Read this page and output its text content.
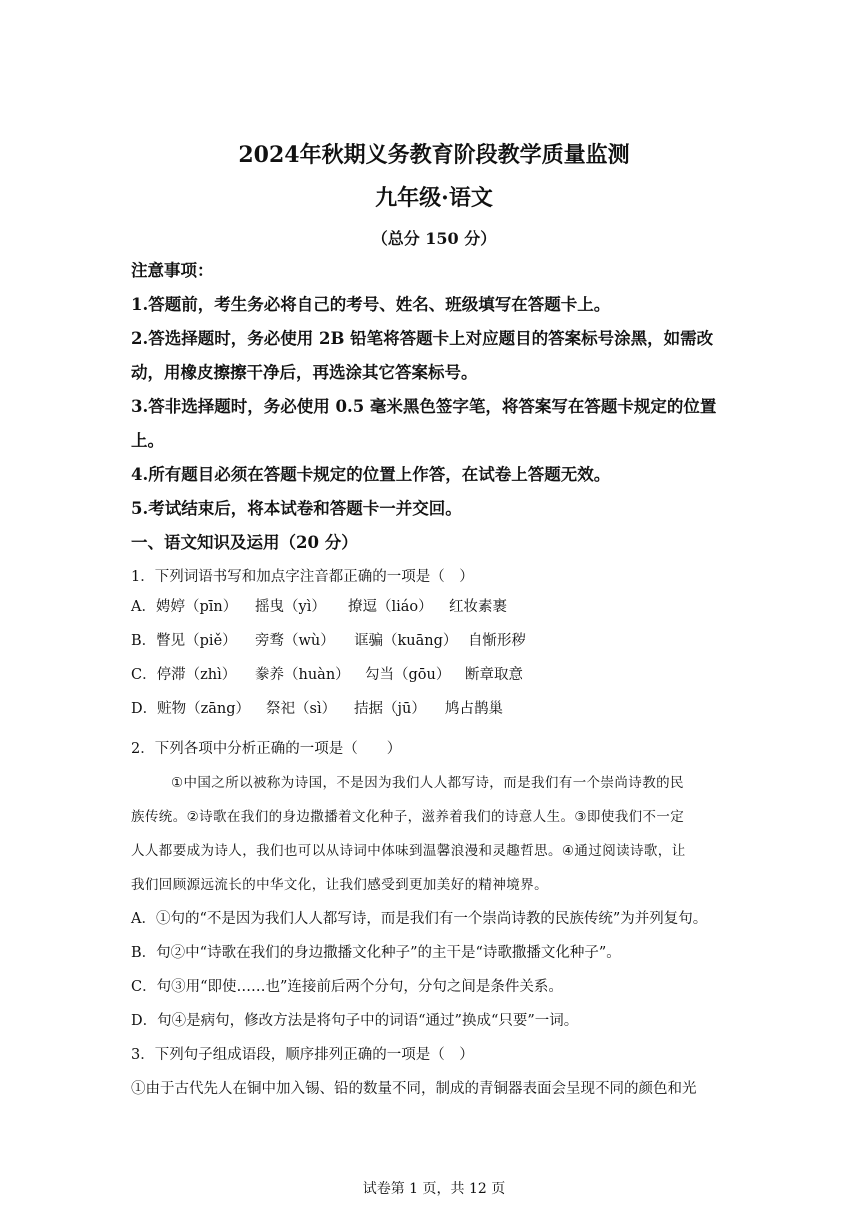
2024年秋期义务教育阶段教学质量监测
九年级·语文
（总分 150 分）
注意事项：
1.答题前，考生务必将自己的考号、姓名、班级填写在答题卡上。
2.答选择题时，务必使用 2B 铅笔将答题卡上对应题目的答案标号涂黑，如需改
动，用橡皮擦擦干净后，再选涂其它答案标号。
3.答非选择题时，务必使用 0.5 毫米黑色签字笔，将答案写在答题卡规定的位置
上。
4.所有题目必须在答题卡规定的位置上作答，在试卷上答题无效。
5.考试结束后，将本试卷和答题卡一并交回。
一、语文知识及运用（20 分）
1．下列词语书写和加点字注音都正确的一项是（　）
A．娉婷（pīn） 摇曳（yì） 撩逗（liáo） 红妆素裹
B．瞥见（piě） 旁骛（wù） 诓骗（kuāng） 自惭形秽
C．停滞（zhì） 豢养（huàn） 勾当（gōu） 断章取意
D．赃物（zāng） 祭祀（sì） 拮据（jū） 鸠占鹊巢
2．下列各项中分析正确的一项是（　　）
①中国之所以被称为诗国，不是因为我们人人都写诗，而是我们有一个崇尚诗教的民
族传统。②诗歌在我们的身边撒播着文化种子，滋养着我们的诗意人生。③即使我们不一定
人人都要成为诗人，我们也可以从诗词中体味到温馨浪漫和灵趣哲思。④通过阅读诗歌，让
我们回顾源远流长的中华文化，让我们感受到更加美好的精神境界。
A．①句的“不是因为我们人人都写诗，而是我们有一个崇尚诗教的民族传统”为并列复句。
B．句②中“诗歌在我们的身边撒播文化种子”的主干是“诗歌撒播文化种子”。
C．句③用“即使……也”连接前后两个分句，分句之间是条件关系。
D．句④是病句，修改方法是将句子中的词语“通过”换成“只要”一词。
3．下列句子组成语段，顺序排列正确的一项是（　）
①由于古代先人在铜中加入锡、铅的数量不同，制成的青铜器表面会呈现不同的颜色和光
试卷第 1 页，共 12 页
